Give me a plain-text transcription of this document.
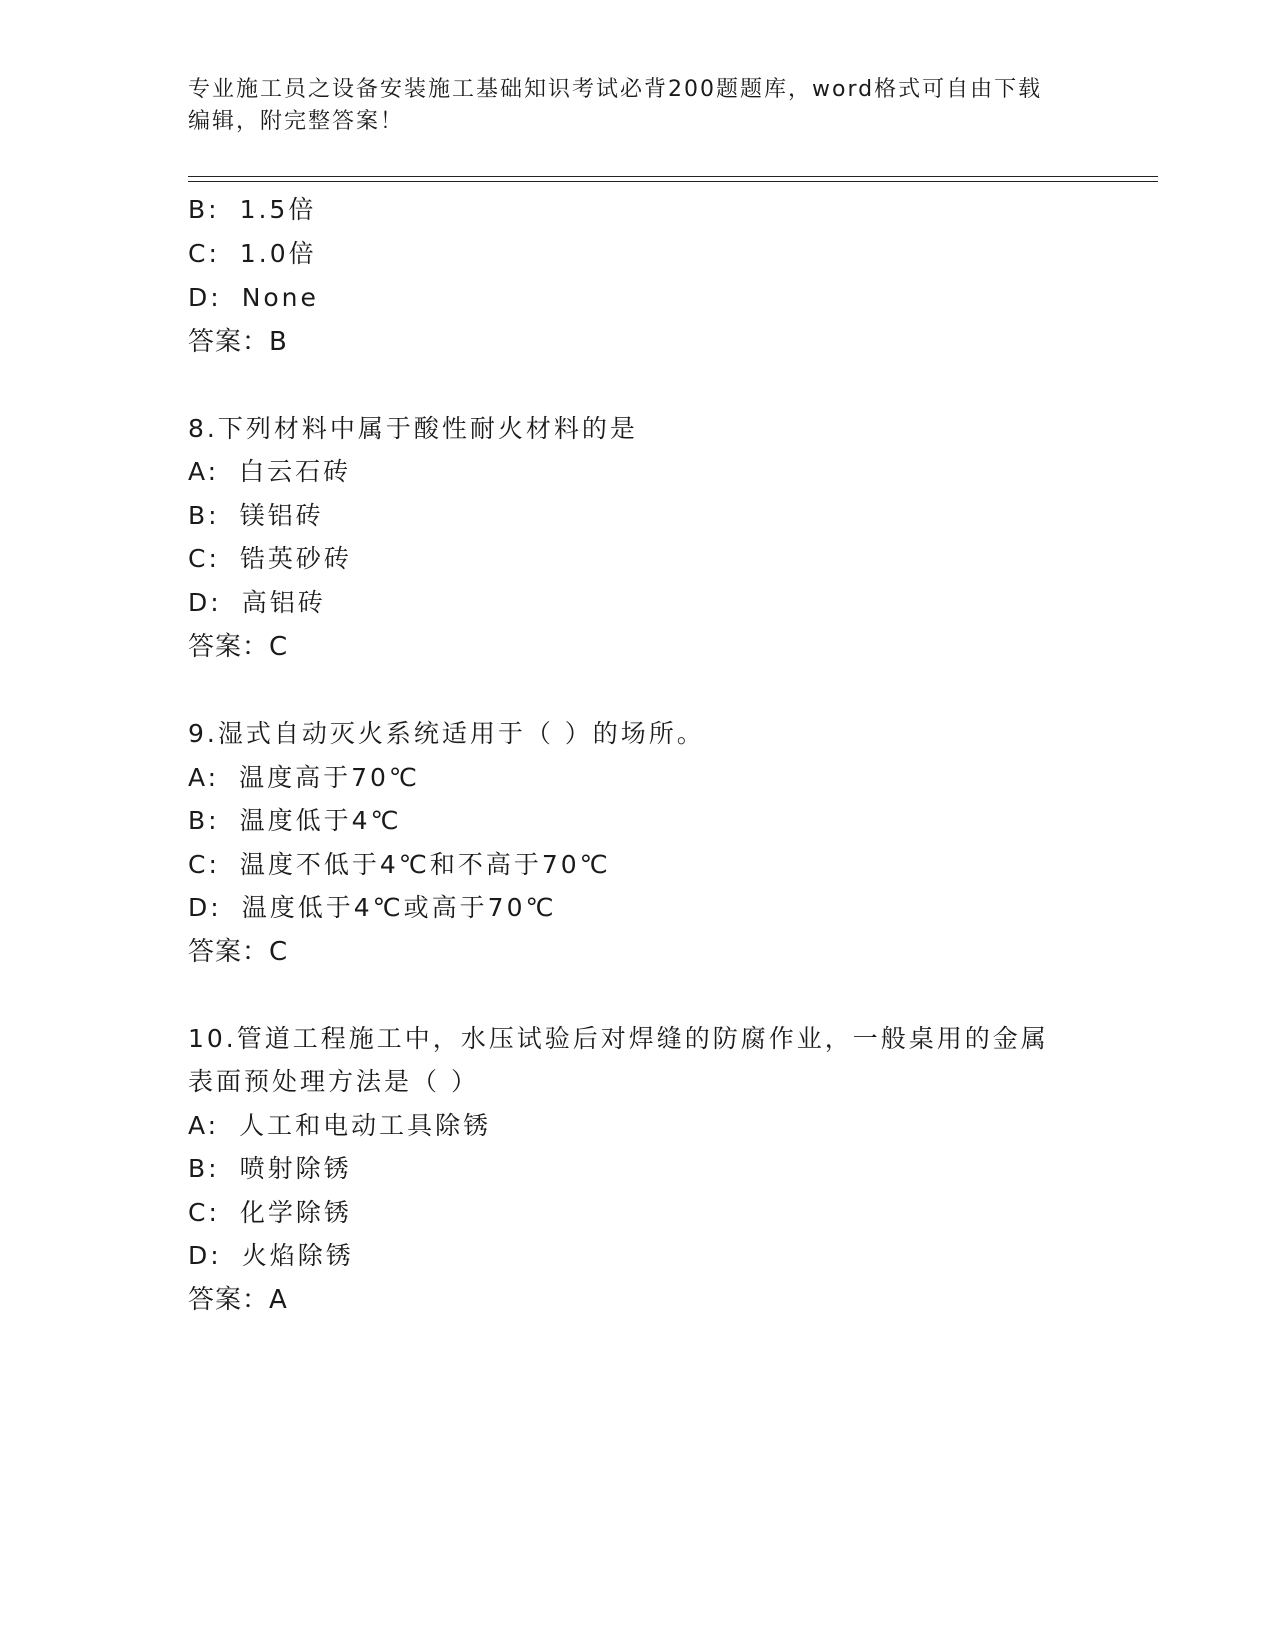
专业施工员之设备安装施工基础知识考试必背200题题库，word格式可自由下载
编辑，附完整答案！
B: 1.5倍
C: 1.0倍
D: None
答案：B
8.下列材料中属于酸性耐火材料的是
A: 白云石砖
B: 镁铝砖
C: 锆英砂砖
D: 高铝砖
答案：C
9.湿式自动灭火系统适用于（ ）的场所。
A: 温度高于70℃
B: 温度低于4℃
C: 温度不低于4℃和不高于70℃
D: 温度低于4℃或高于70℃
答案：C
10.管道工程施工中，水压试验后对焊缝的防腐作业，一般桌用的金属
表面预处理方法是（ ）
A: 人工和电动工具除锈
B: 喷射除锈
C: 化学除锈
D: 火焰除锈
答案：A
